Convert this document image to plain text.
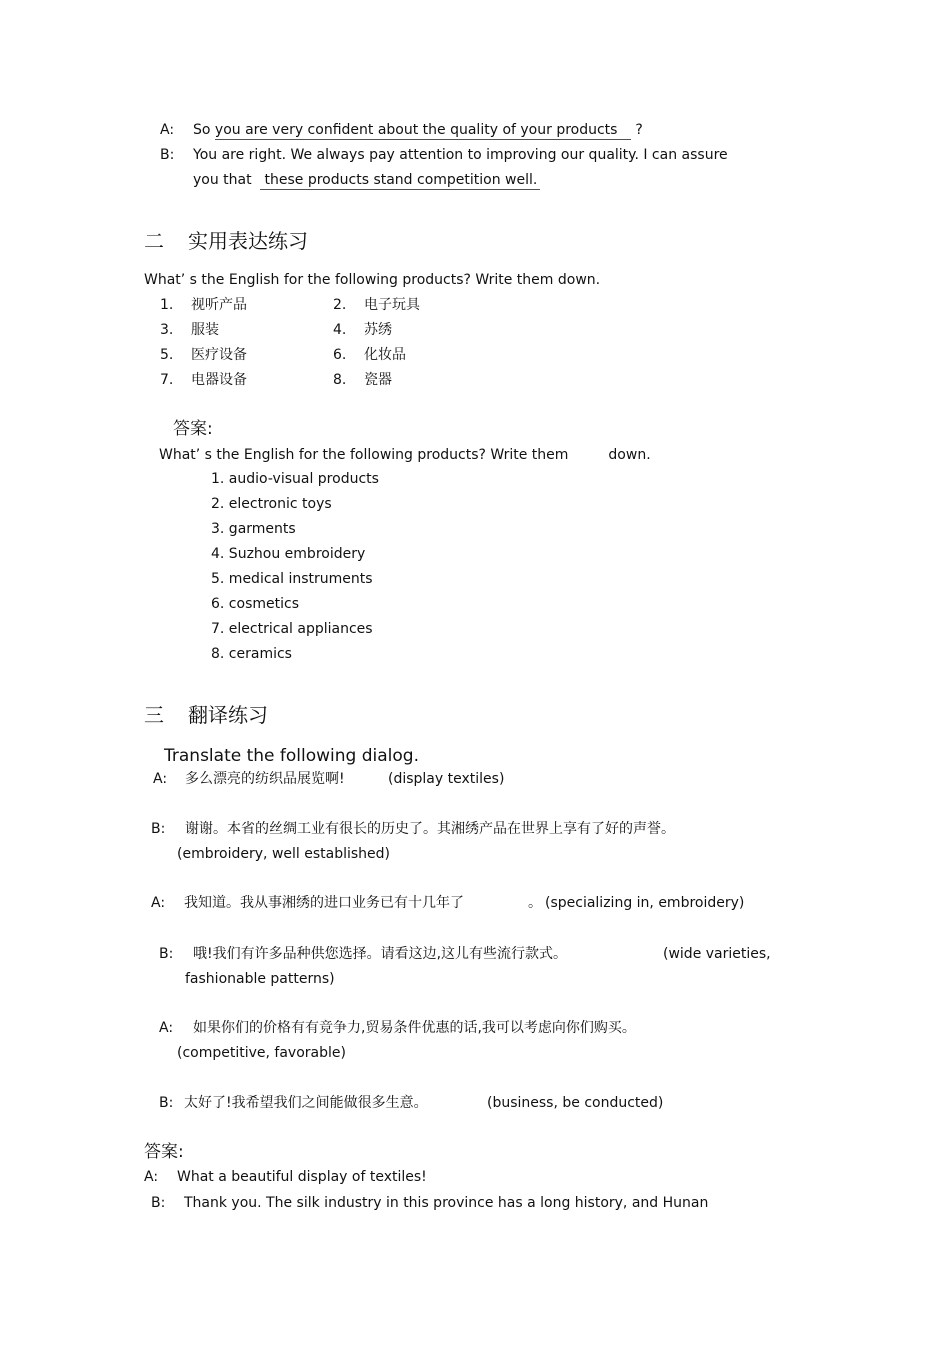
A: So you are very confident about the quality of your products ?
B: You are right. We always pay attention to improving our quality. I can assure
you that these products stand competition well.
二 实用表达练习
What’ s the English for the following products? Write them down.
1. 视听产品	2. 电子玩具
3. 服装	4. 苏绣
5. 医疗设备	6. 化妆品
7. 电器设备	8. 瓷器
答案:
What’ s the English for the following products? Write them	down.
1. audio-visual products
2. electronic toys
3. garments
4. Suzhou embroidery
5. medical instruments
6. cosmetics
7. electrical appliances
8. ceramics
三 翻译练习
Translate the following dialog.
A: 多么漂亮的纺织品展览啊!	(display textiles)
B: 谢谢。本省的丝绸工业有很长的历史了。其湘绣产品在世界上享有了好的声誉。
(embroidery, well established)
A: 我知道。我从事湘绣的进口业务已有十几年了	。 (specializing in, embroidery)
B: 哦!我们有许多品种供您选择。请看这边,这儿有些流行款式。	(wide varieties,
fashionable patterns)
A: 如果你们的价格有有竞争力,贸易条件优惠的话,我可以考虑向你们购买。
(competitive, favorable)
B: 太好了!我希望我们之间能做很多生意。	(business, be conducted)
答案:
A: What a beautiful display of textiles!
B: Thank you. The silk industry in this province has a long history, and Hunan
